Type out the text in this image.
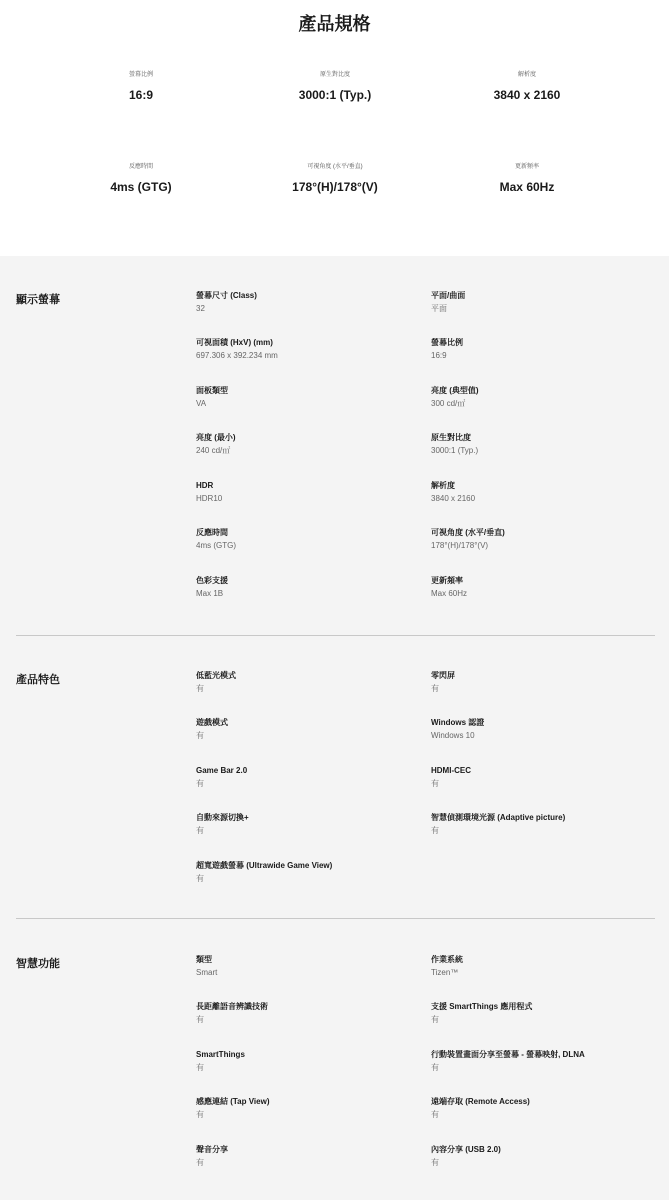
產品規格
螢幕比例
16:9
原生對比度
3000:1 (Typ.)
解析度
3840 x 2160
反應時間
4ms (GTG)
可視角度 (水平/垂直)
178°(H)/178°(V)
更新頻率
Max 60Hz
顯示螢幕	螢幕尺寸 (Class)
32
平面/曲面
平面
可視面積 (HxV) (mm)
697.306 x 392.234 mm
螢幕比例
16:9
面板類型
VA
亮度 (典型值)
300 cd/㎡
亮度 (最小)
240 cd/㎡
原生對比度
3000:1 (Typ.)
HDR
HDR10
解析度
3840 x 2160
反應時間
4ms (GTG)
可視角度 (水平/垂直)
178°(H)/178°(V)
色彩支援
Max 1B
更新頻率
Max 60Hz
產品特色	低藍光模式
有
零閃屏
有
遊戲模式
有
Windows 認證
Windows 10
Game Bar 2.0
有
HDMI-CEC
有
自動來源切換+
有
智慧偵測環境光源 (Adaptive picture)
有
超寬遊戲螢幕 (Ultrawide Game View)
有
智慧功能	類型
Smart
作業系統
Tizen™
長距離語音辨識技術
有
支援 SmartThings 應用程式
有
SmartThings
有
行動裝置畫面分享至螢幕 - 螢幕映射, DLNA
有
感應連結 (Tap View)
有
遠端存取 (Remote Access)
有
聲音分享
有
內容分享 (USB 2.0)
有
